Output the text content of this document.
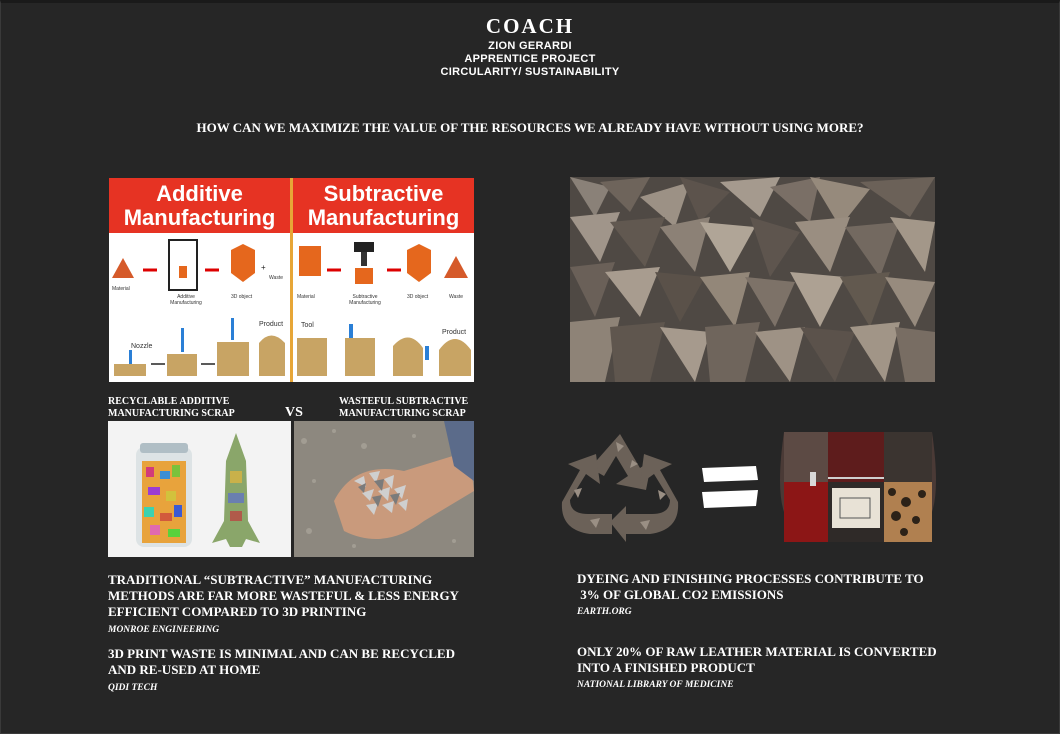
COACH
ZION GERARDI
APPRENTICE PROJECT
CIRCULARITY/ SUSTAINABILITY
HOW CAN WE MAXIMIZE THE VALUE OF THE RESOURCES WE ALREADY HAVE WITHOUT USING MORE?
Additive
Manufacturing
Subtractive
Manufacturing
+
Material
Additive Manufacturing
3D object
Waste
Material	Subtractive Manufacturing
3D object	Waste
Nozzle
Product	Tool
Product
RECYCLABLE ADDITIVE
MANUFACTURING SCRAP	VS
WASTEFUL SUBTRACTIVE
MANUFACTURING SCRAP
TRADITIONAL “SUBTRACTIVE” MANUFACTURING
METHODS ARE FAR MORE WASTEFUL & LESS ENERGY
EFFICIENT COMPARED TO 3D PRINTING
MONROE ENGINEERING
3D PRINT WASTE IS MINIMAL AND CAN BE RECYCLED
AND RE-USED AT HOME
QIDI TECH
DYEING AND FINISHING PROCESSES CONTRIBUTE TO
3% OF GLOBAL CO2 EMISSIONS
EARTH.ORG
ONLY 20% OF RAW LEATHER MATERIAL IS CONVERTED
INTO A FINISHED PRODUCT
NATIONAL LIBRARY OF MEDICINE
